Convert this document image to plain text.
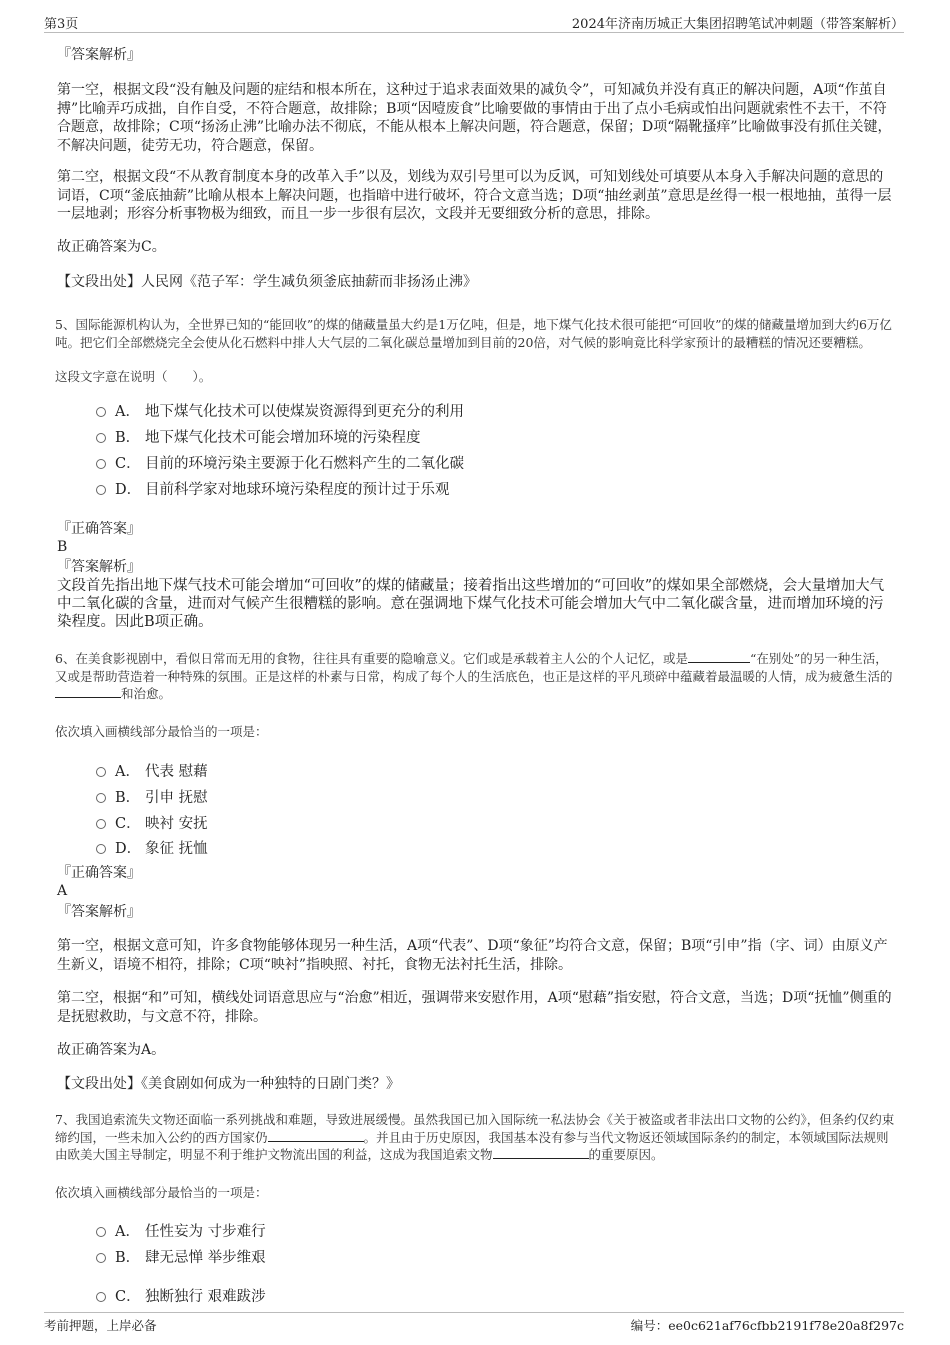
第3页	2024年济南历城正大集团招聘笔试冲刺题（带答案解析）
『答案解析』
第一空，根据文段“没有触及问题的症结和根本所在，这种过于追求表面效果的减负令”，可知减负并没有真正的解决问题，A项“作茧自搏”比喻弄巧成拙，自作自受，不符合题意，故排除；B项“因噎废食”比喻要做的事情由于出了点小毛病或怕出问题就索性不去干，不符合题意，故排除；C项“扬汤止沸”比喻办法不彻底，不能从根本上解决问题，符合题意，保留；D项“隔靴搔痒”比喻做事没有抓住关键，不解决问题，徒劳无功，符合题意，保留。
第二空，根据文段“不从教育制度本身的改革入手”以及，划线为双引号里可以为反讽，可知划线处可填要从本身入手解决问题的意思的词语，C项“釜底抽薪”比喻从根本上解决问题，也指暗中进行破坏，符合文意当选；D项“抽丝剥茧”意思是丝得一根一根地抽，茧得一层一层地剥；形容分析事物极为细致，而且一步一步很有层次，文段并无要细致分析的意思，排除。
故正确答案为C。
【文段出处】人民网《范子军：学生减负须釜底抽薪而非扬汤止沸》
5、国际能源机构认为，全世界已知的“能回收”的煤的储藏量虽大约是1万亿吨，但是，地下煤气化技术很可能把“可回收”的煤的储藏量增加到大约6万亿吨。把它们全部燃烧完全会使从化石燃料中排人大气层的二氧化碳总量增加到目前的20倍，对气候的影响竟比科学家预计的最糟糕的情况还要糟糕。
这段文字意在说明（　　）。
A． 地下煤气化技术可以使煤炭资源得到更充分的利用
B． 地下煤气化技术可能会增加环境的污染程度
C． 目前的环境污染主要源于化石燃料产生的二氧化碳
D． 目前科学家对地球环境污染程度的预计过于乐观
『正确答案』
B
『答案解析』
文段首先指出地下煤气技术可能会增加“可回收”的煤的储藏量；接着指出这些增加的“可回收”的煤如果全部燃烧，会大量增加大气中二氧化碳的含量，进而对气候产生很糟糕的影响。意在强调地下煤气化技术可能会增加大气中二氧化碳含量，进而增加环境的污染程度。因此B项正确。
6、在美食影视剧中，看似日常而无用的食物，往往具有重要的隐喻意义。它们或是承载着主人公的个人记忆，或是	“在别处”的另一种生活，又或是帮助营造着一种特殊的氛围。正是这样的朴素与日常，构成了每个人的生活底色，也正是这样的平凡琐碎中蕴藏着最温暖的人情，成为疲惫生活的和治愈。
依次填入画横线部分最恰当的一项是：
A． 代表 慰藉
B． 引申 抚慰
C． 映衬 安抚
D． 象征 抚恤
『正确答案』
A
『答案解析』
第一空，根据文意可知，许多食物能够体现另一种生活，A项“代表”、D项“象征”均符合文意，保留；B项“引申”指（字、词）由原义产生新义，语境不相符，排除；C项“映衬”指映照、衬托，食物无法衬托生活，排除。
第二空，根据“和”可知，横线处词语意思应与“治愈”相近，强调带来安慰作用，A项“慰藉”指安慰，符合文意，当选；D项“抚恤”侧重的是抚慰救助，与文意不符，排除。
故正确答案为A。
【文段出处】《美食剧如何成为一种独特的日剧门类？》
7、我国追索流失文物还面临一系列挑战和难题，导致进展缓慢。虽然我国已加入国际统一私法协会《关于被盗或者非法出口文物的公约》，但条约仅约束缔约国，一些未加入公约的西方国家仍	。并且由于历史原因，我国基本没有参与当代文物返还领域国际条约的制定，本领域国际法规则由欧美大国主导制定，明显不利于维护文物流出国的利益，这成为我国追索文物	的重要原因。
依次填入画横线部分最恰当的一项是：
A． 任性妄为 寸步难行
B． 肆无忌惮 举步维艰
C． 独断独行 艰难跋涉
考前押题，上岸必备	编号：ee0c621af76cfbb2191f78e20a8f297c
